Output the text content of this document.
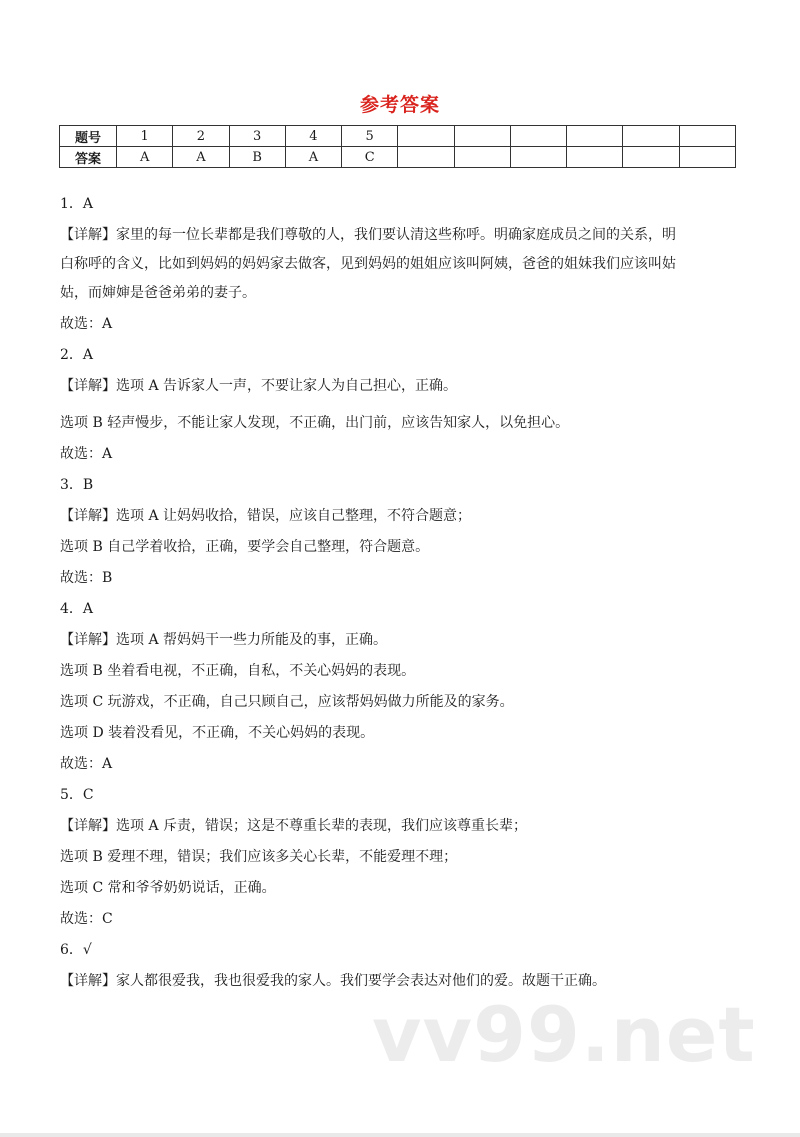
参考答案
题号	1	2	3	4	5						
答案	A	A	B	A	C						

1．A

【详解】家里的每一位长辈都是我们尊敬的人，我们要认清这些称呼。明确家庭成员之间的关系，明

白称呼的含义，比如到妈妈的妈妈家去做客，见到妈妈的姐姐应该叫阿姨，爸爸的姐妹我们应该叫姑

姑，而婶婶是爸爸弟弟的妻子。

故选：A

2．A

【详解】选项 A 告诉家人一声，不要让家人为自己担心，正确。

选项 B 轻声慢步，不能让家人发现，不正确，出门前，应该告知家人，以免担心。

故选：A

3．B

【详解】选项 A 让妈妈收拾，错误，应该自己整理，不符合题意；

选项 B 自己学着收拾，正确，要学会自己整理，符合题意。

故选：B

4．A

【详解】选项 A 帮妈妈干一些力所能及的事，正确。

选项 B 坐着看电视，不正确，自私，不关心妈妈的表现。

选项 C 玩游戏，不正确，自己只顾自己，应该帮妈妈做力所能及的家务。

选项 D 装着没看见，不正确，不关心妈妈的表现。

故选：A

5．C

【详解】选项 A 斥责，错误；这是不尊重长辈的表现，我们应该尊重长辈；

选项 B 爱理不理，错误；我们应该多关心长辈，不能爱理不理；

选项 C 常和爷爷奶奶说话，正确。

故选：C

6．√

【详解】家人都很爱我，我也很爱我的家人。我们要学会表达对他们的爱。故题干正确。

vv99.net
